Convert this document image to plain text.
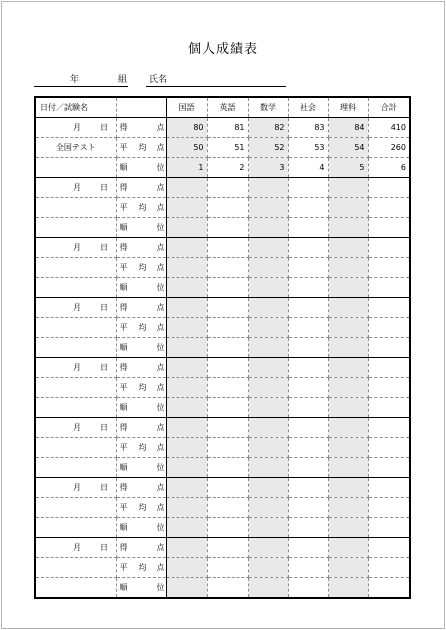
個人成績表
年	組 氏名
日付／試験名		国語	英語	数学	社会	理科	合計

月 日	得 点	80	81	82	83	84	410
全国テスト	平 均 点	50	51	52	53	54	260

	順 位	1	2	3	4	5	6

月 日	得 点						

	平 均 点						

	順 位						

月 日	得 点						

	平 均 点						

	順 位						

月 日	得 点						

	平 均 点						

	順 位						

月 日	得 点						

	平 均 点						

	順 位						

月 日	得 点						

	平 均 点						

	順 位						

月 日	得 点						

	平 均 点						

	順 位						

月 日	得 点						

	平 均 点						

	順 位						
